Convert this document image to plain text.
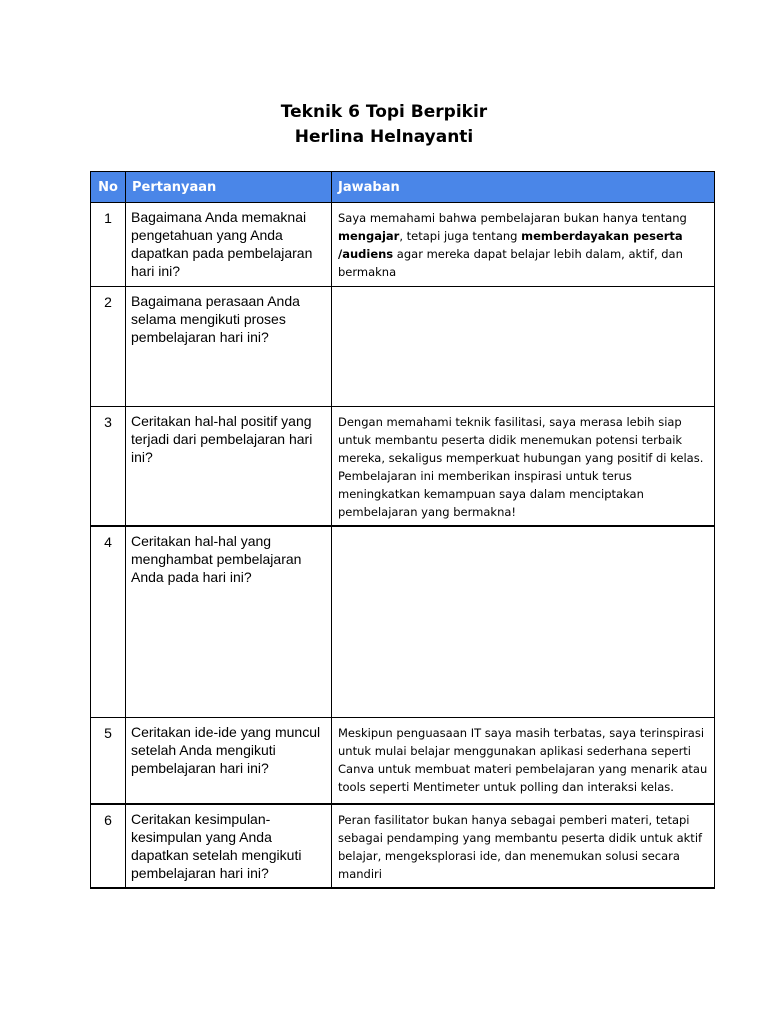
Teknik 6 Topi Berpikir
Herlina Helnayanti
No	Pertanyaan	Jawaban
1	Bagaimana Anda memaknai pengetahuan yang Anda dapatkan pada pembelajaran hari ini?	Saya memahami bahwa pembelajaran bukan hanya tentang mengajar, tetapi juga tentang memberdayakan peserta /audiens agar mereka dapat belajar lebih dalam, aktif, dan bermakna
2	Bagaimana perasaan Anda selama mengikuti proses pembelajaran hari ini?	
3	Ceritakan hal-hal positif yang terjadi dari pembelajaran hari ini?	Dengan memahami teknik fasilitasi, saya merasa lebih siap untuk membantu peserta didik menemukan potensi terbaik mereka, sekaligus memperkuat hubungan yang positif di kelas. Pembelajaran ini memberikan inspirasi untuk terus meningkatkan kemampuan saya dalam menciptakan pembelajaran yang bermakna!
4	Ceritakan hal-hal yang menghambat pembelajaran Anda pada hari ini?	
5	Ceritakan ide-ide yang muncul setelah Anda mengikuti pembelajaran hari ini?	Meskipun penguasaan IT saya masih terbatas, saya terinspirasi untuk mulai belajar menggunakan aplikasi sederhana seperti Canva untuk membuat materi pembelajaran yang menarik atau tools seperti Mentimeter untuk polling dan interaksi kelas.
6	Ceritakan kesimpulan-kesimpulan yang Anda dapatkan setelah mengikuti pembelajaran hari ini?	Peran fasilitator bukan hanya sebagai pemberi materi, tetapi sebagai pendamping yang membantu peserta didik untuk aktif belajar, mengeksplorasi ide, dan menemukan solusi secara mandiri
